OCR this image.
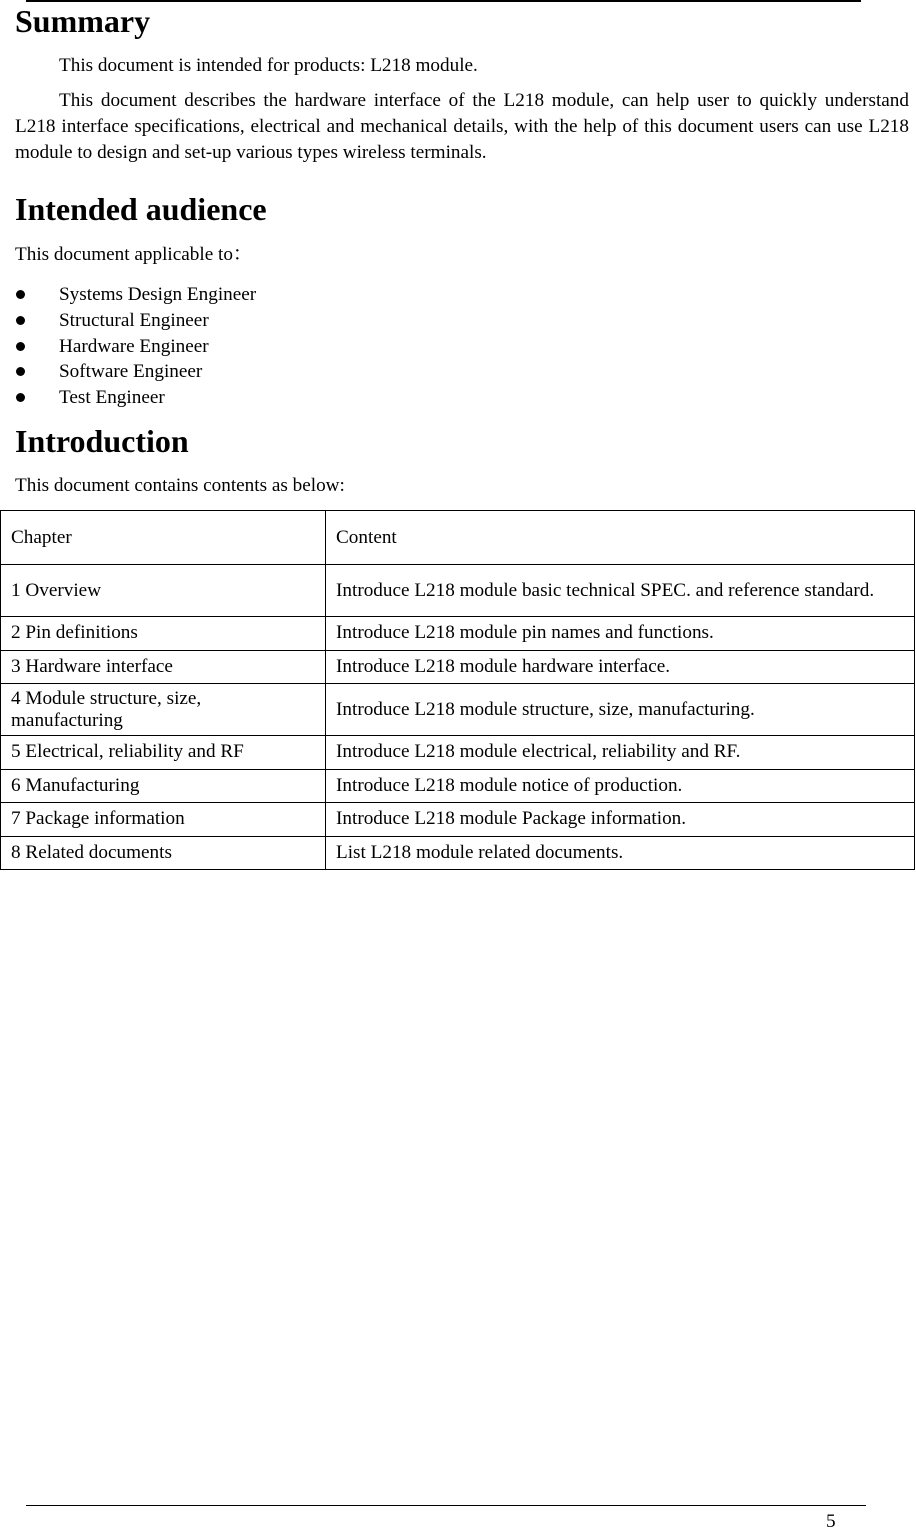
Summary

This document is intended for products: L218 module.

This document describes the hardware interface of the L218 module, can help user to quickly understand L218 interface specifications, electrical and mechanical details, with the help of this document users can use L218 module to design and set-up various types wireless terminals.

Intended audience

This document applicable to：

Systems Design Engineer
Structural Engineer
Hardware Engineer
Software Engineer
Test Engineer
Introduction

This document contains contents as below:

Chapter	Content
1 Overview	Introduce L218 module basic technical SPEC. and reference standard.
2 Pin definitions	Introduce L218 module pin names and functions.
3 Hardware interface	Introduce L218 module hardware interface.
4 Module structure, size, manufacturing	Introduce L218 module structure, size, manufacturing.
5 Electrical, reliability and RF	Introduce L218 module electrical, reliability and RF.
6 Manufacturing	Introduce L218 module notice of production.
7 Package information	Introduce L218 module Package information.
8 Related documents	List L218 module related documents.
5
